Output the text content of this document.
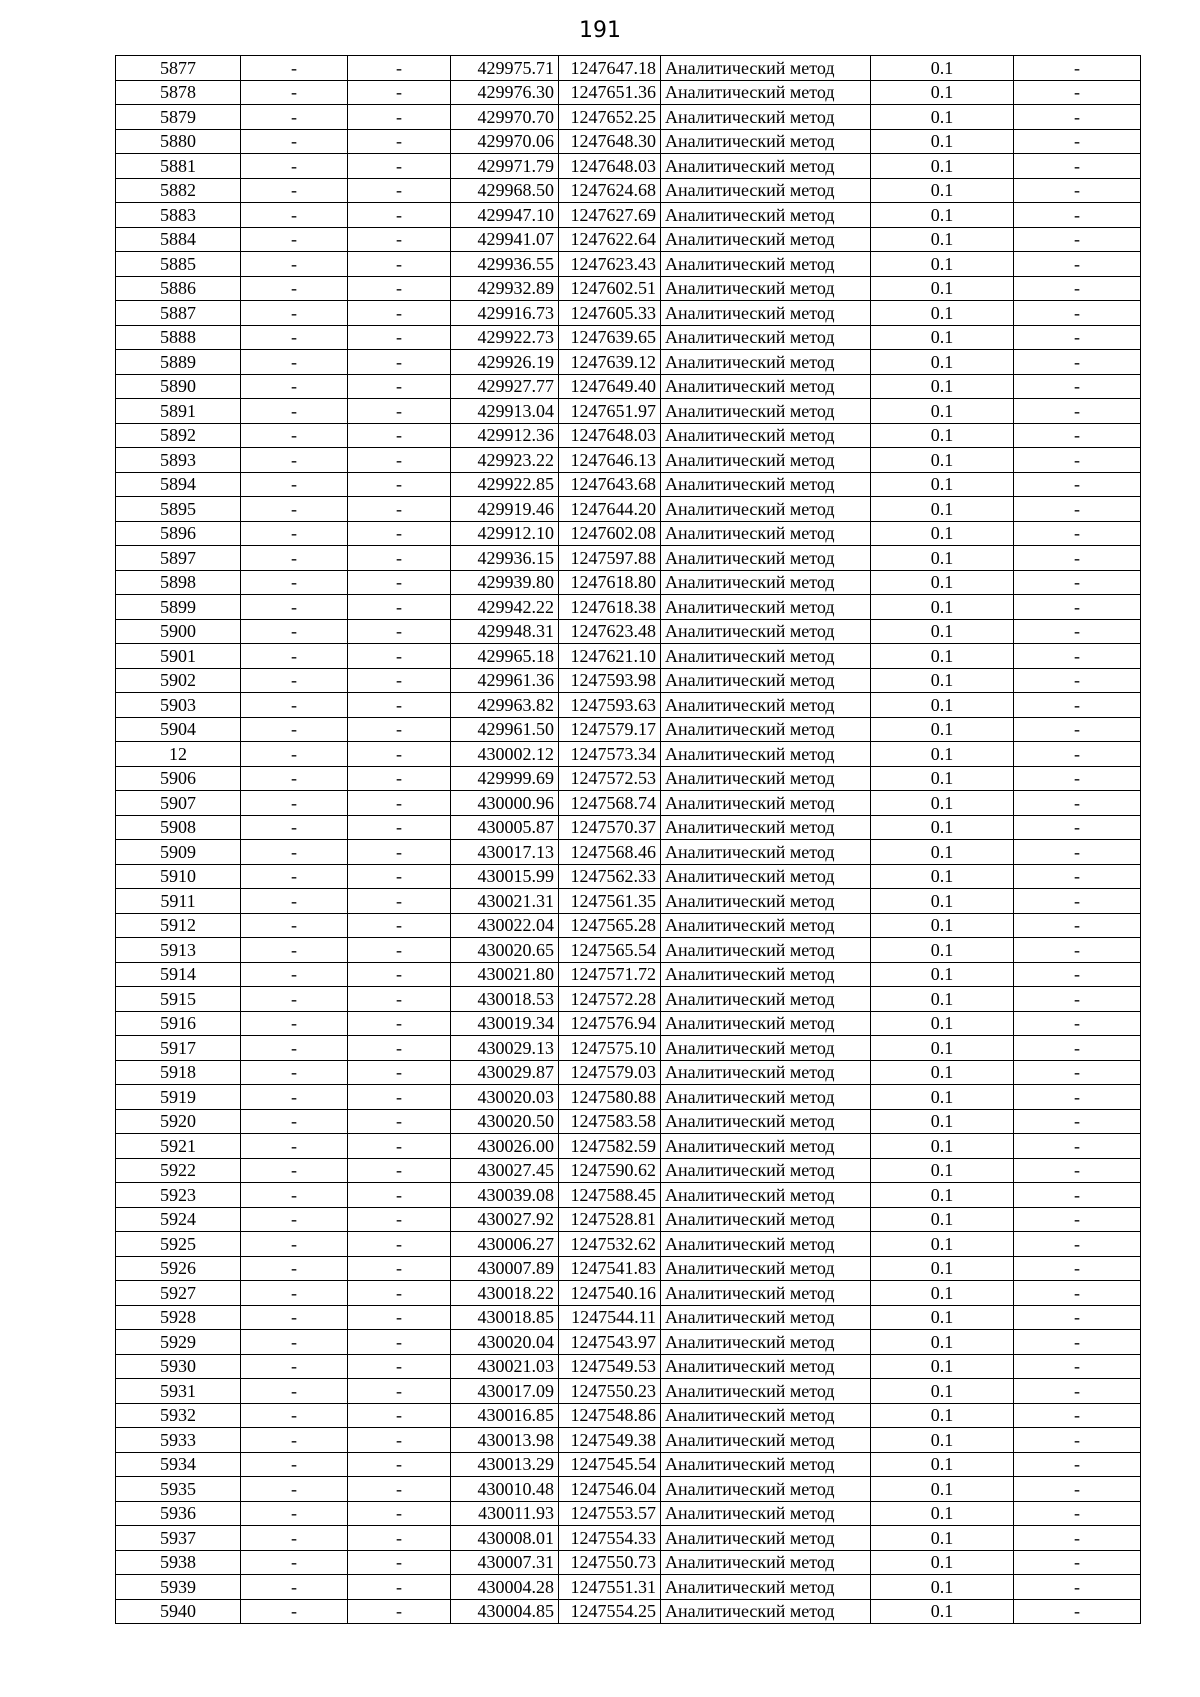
191
5877	-	-	429975.71	1247647.18	Аналитический метод	0.1	-
5878	-	-	429976.30	1247651.36	Аналитический метод	0.1	-
5879	-	-	429970.70	1247652.25	Аналитический метод	0.1	-
5880	-	-	429970.06	1247648.30	Аналитический метод	0.1	-
5881	-	-	429971.79	1247648.03	Аналитический метод	0.1	-
5882	-	-	429968.50	1247624.68	Аналитический метод	0.1	-
5883	-	-	429947.10	1247627.69	Аналитический метод	0.1	-
5884	-	-	429941.07	1247622.64	Аналитический метод	0.1	-
5885	-	-	429936.55	1247623.43	Аналитический метод	0.1	-
5886	-	-	429932.89	1247602.51	Аналитический метод	0.1	-
5887	-	-	429916.73	1247605.33	Аналитический метод	0.1	-
5888	-	-	429922.73	1247639.65	Аналитический метод	0.1	-
5889	-	-	429926.19	1247639.12	Аналитический метод	0.1	-
5890	-	-	429927.77	1247649.40	Аналитический метод	0.1	-
5891	-	-	429913.04	1247651.97	Аналитический метод	0.1	-
5892	-	-	429912.36	1247648.03	Аналитический метод	0.1	-
5893	-	-	429923.22	1247646.13	Аналитический метод	0.1	-
5894	-	-	429922.85	1247643.68	Аналитический метод	0.1	-
5895	-	-	429919.46	1247644.20	Аналитический метод	0.1	-
5896	-	-	429912.10	1247602.08	Аналитический метод	0.1	-
5897	-	-	429936.15	1247597.88	Аналитический метод	0.1	-
5898	-	-	429939.80	1247618.80	Аналитический метод	0.1	-
5899	-	-	429942.22	1247618.38	Аналитический метод	0.1	-
5900	-	-	429948.31	1247623.48	Аналитический метод	0.1	-
5901	-	-	429965.18	1247621.10	Аналитический метод	0.1	-
5902	-	-	429961.36	1247593.98	Аналитический метод	0.1	-
5903	-	-	429963.82	1247593.63	Аналитический метод	0.1	-
5904	-	-	429961.50	1247579.17	Аналитический метод	0.1	-
12	-	-	430002.12	1247573.34	Аналитический метод	0.1	-
5906	-	-	429999.69	1247572.53	Аналитический метод	0.1	-
5907	-	-	430000.96	1247568.74	Аналитический метод	0.1	-
5908	-	-	430005.87	1247570.37	Аналитический метод	0.1	-
5909	-	-	430017.13	1247568.46	Аналитический метод	0.1	-
5910	-	-	430015.99	1247562.33	Аналитический метод	0.1	-
5911	-	-	430021.31	1247561.35	Аналитический метод	0.1	-
5912	-	-	430022.04	1247565.28	Аналитический метод	0.1	-
5913	-	-	430020.65	1247565.54	Аналитический метод	0.1	-
5914	-	-	430021.80	1247571.72	Аналитический метод	0.1	-
5915	-	-	430018.53	1247572.28	Аналитический метод	0.1	-
5916	-	-	430019.34	1247576.94	Аналитический метод	0.1	-
5917	-	-	430029.13	1247575.10	Аналитический метод	0.1	-
5918	-	-	430029.87	1247579.03	Аналитический метод	0.1	-
5919	-	-	430020.03	1247580.88	Аналитический метод	0.1	-
5920	-	-	430020.50	1247583.58	Аналитический метод	0.1	-
5921	-	-	430026.00	1247582.59	Аналитический метод	0.1	-
5922	-	-	430027.45	1247590.62	Аналитический метод	0.1	-
5923	-	-	430039.08	1247588.45	Аналитический метод	0.1	-
5924	-	-	430027.92	1247528.81	Аналитический метод	0.1	-
5925	-	-	430006.27	1247532.62	Аналитический метод	0.1	-
5926	-	-	430007.89	1247541.83	Аналитический метод	0.1	-
5927	-	-	430018.22	1247540.16	Аналитический метод	0.1	-
5928	-	-	430018.85	1247544.11	Аналитический метод	0.1	-
5929	-	-	430020.04	1247543.97	Аналитический метод	0.1	-
5930	-	-	430021.03	1247549.53	Аналитический метод	0.1	-
5931	-	-	430017.09	1247550.23	Аналитический метод	0.1	-
5932	-	-	430016.85	1247548.86	Аналитический метод	0.1	-
5933	-	-	430013.98	1247549.38	Аналитический метод	0.1	-
5934	-	-	430013.29	1247545.54	Аналитический метод	0.1	-
5935	-	-	430010.48	1247546.04	Аналитический метод	0.1	-
5936	-	-	430011.93	1247553.57	Аналитический метод	0.1	-
5937	-	-	430008.01	1247554.33	Аналитический метод	0.1	-
5938	-	-	430007.31	1247550.73	Аналитический метод	0.1	-
5939	-	-	430004.28	1247551.31	Аналитический метод	0.1	-
5940	-	-	430004.85	1247554.25	Аналитический метод	0.1	-
